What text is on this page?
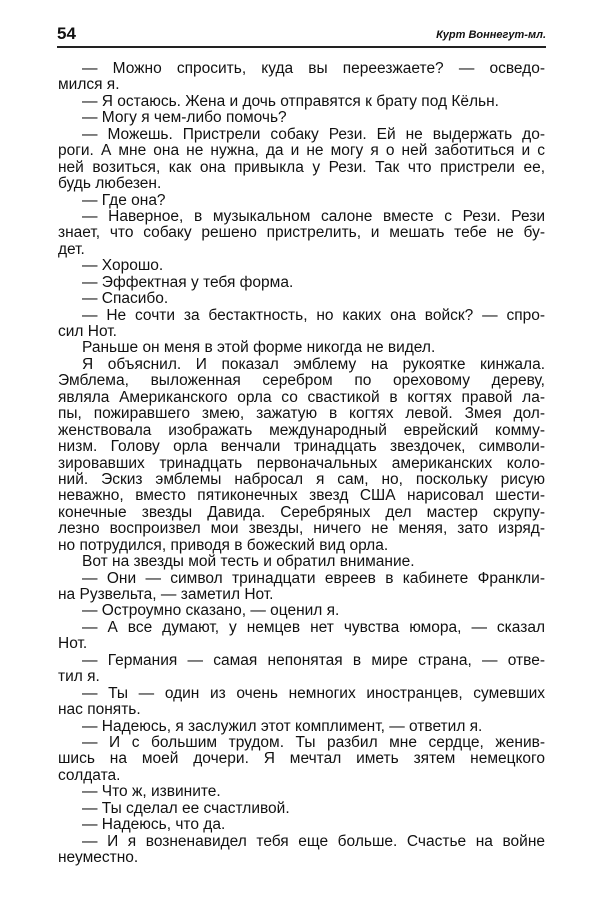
54	Курт Воннегут-мл.
— Можно спросить, куда вы переезжаете? — осведо-
мился я.
— Я остаюсь. Жена и дочь отправятся к брату под Кёльн.
— Могу я чем-либо помочь?
— Можешь. Пристрели собаку Рези. Ей не выдержать до-
роги. А мне она не нужна, да и не могу я о ней заботиться и с
ней возиться, как она привыкла у Рези. Так что пристрели ее,
будь любезен.
— Где она?
— Наверное, в музыкальном салоне вместе с Рези. Рези
знает, что собаку решено пристрелить, и мешать тебе не бу-
дет.
— Хорошо.
— Эффектная у тебя форма.
— Спасибо.
— Не сочти за бестактность, но каких она войск? — спро-
сил Нот.
Раньше он меня в этой форме никогда не видел.
Я объяснил. И показал эмблему на рукоятке кинжала.
Эмблема, выложенная серебром по ореховому дереву,
являла Американского орла со свастикой в когтях правой ла-
пы, пожиравшего змею, зажатую в когтях левой. Змея дол-
женствовала изображать международный еврейский комму-
низм. Голову орла венчали тринадцать звездочек, символи-
зировавших тринадцать первоначальных американских коло-
ний. Эскиз эмблемы набросал я сам, но, поскольку рисую
неважно, вместо пятиконечных звезд США нарисовал шести-
конечные звезды Давида. Серебряных дел мастер скрупу-
лезно воспроизвел мои звезды, ничего не меняя, зато изряд-
но потрудился, приводя в божеский вид орла.
Вот на звезды мой тесть и обратил внимание.
— Они — символ тринадцати евреев в кабинете Франкли-
на Рузвельта, — заметил Нот.
— Остроумно сказано, — оценил я.
— А все думают, у немцев нет чувства юмора, — сказал
Нот.
— Германия — самая непонятая в мире страна, — отве-
тил я.
— Ты — один из очень немногих иностранцев, сумевших
нас понять.
— Надеюсь, я заслужил этот комплимент, — ответил я.
— И с большим трудом. Ты разбил мне сердце, женив-
шись на моей дочери. Я мечтал иметь зятем немецкого
солдата.
— Что ж, извините.
— Ты сделал ее счастливой.
— Надеюсь, что да.
— И я возненавидел тебя еще больше. Счастье на войне
неуместно.
